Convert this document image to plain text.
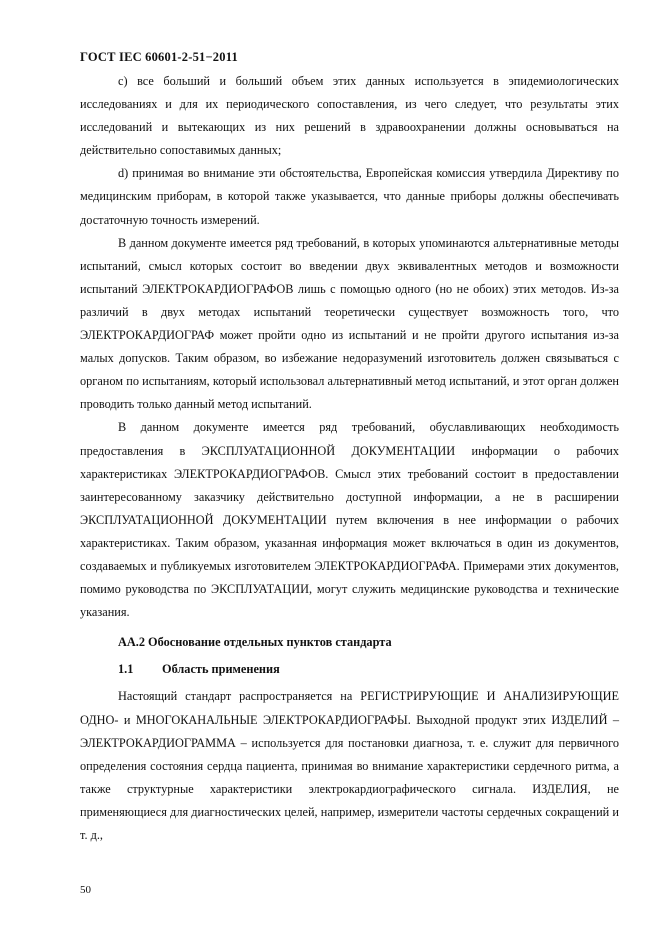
ГОСТ IEC 60601-2-51−2011

c) все больший и больший объем этих данных используется в эпидемиологических исследованиях и для их периодического сопоставления, из чего следует, что результаты этих исследований и вытекающих из них решений в здравоохранении должны основываться на действительно сопоставимых данных;

d) принимая во внимание эти обстоятельства, Европейская комиссия утвердила Директиву по медицинским приборам, в которой также указывается, что данные приборы должны обеспечивать достаточную точность измерений.

В данном документе имеется ряд требований, в которых упоминаются альтернативные методы испытаний, смысл которых состоит во введении двух эквивалентных методов и возможности испытаний ЭЛЕКТРОКАРДИОГРАФОВ лишь с помощью одного (но не обоих) этих методов. Из-за различий в двух методах испытаний теоретически существует возможность того, что ЭЛЕКТРОКАРДИОГРАФ может пройти одно из испытаний и не пройти другого испытания из-за малых допусков. Таким образом, во избежание недоразумений изготовитель должен связываться с органом по испытаниям, который использовал альтернативный метод испытаний, и этот орган должен проводить только данный метод испытаний.

В данном документе имеется ряд требований, обуславливающих необходимость предоставления в ЭКСПЛУАТАЦИОННОЙ ДОКУМЕНТАЦИИ информации о рабочих характеристиках ЭЛЕКТРОКАРДИОГРАФОВ. Смысл этих требований состоит в предоставлении заинтересованному заказчику действительно доступной информации, а не в расширении ЭКСПЛУАТАЦИОННОЙ ДОКУМЕНТАЦИИ путем включения в нее информации о рабочих характеристиках. Таким образом, указанная информация может включаться в один из документов, создаваемых и публикуемых изготовителем ЭЛЕКТРОКАРДИОГРАФА. Примерами этих документов, помимо руководства по ЭКСПЛУАТАЦИИ, могут служить медицинские руководства и технические указания.

АА.2 Обоснование отдельных пунктов стандарта
1.1 Область применения

Настоящий стандарт распространяется на РЕГИСТРИРУЮЩИЕ И АНАЛИЗИРУЮЩИЕ ОДНО- и МНОГОКАНАЛЬНЫЕ ЭЛЕКТРОКАРДИОГРАФЫ. Выходной продукт этих ИЗДЕЛИЙ – ЭЛЕКТРОКАРДИОГРАММА – используется для постановки диагноза, т. е. служит для первичного определения состояния сердца пациента, принимая во внимание характеристики сердечного ритма, а также структурные характеристики электрокардиографического сигнала. ИЗДЕЛИЯ, не применяющиеся для диагностических целей, например, измерители частоты сердечных сокращений и т. д.,

50
